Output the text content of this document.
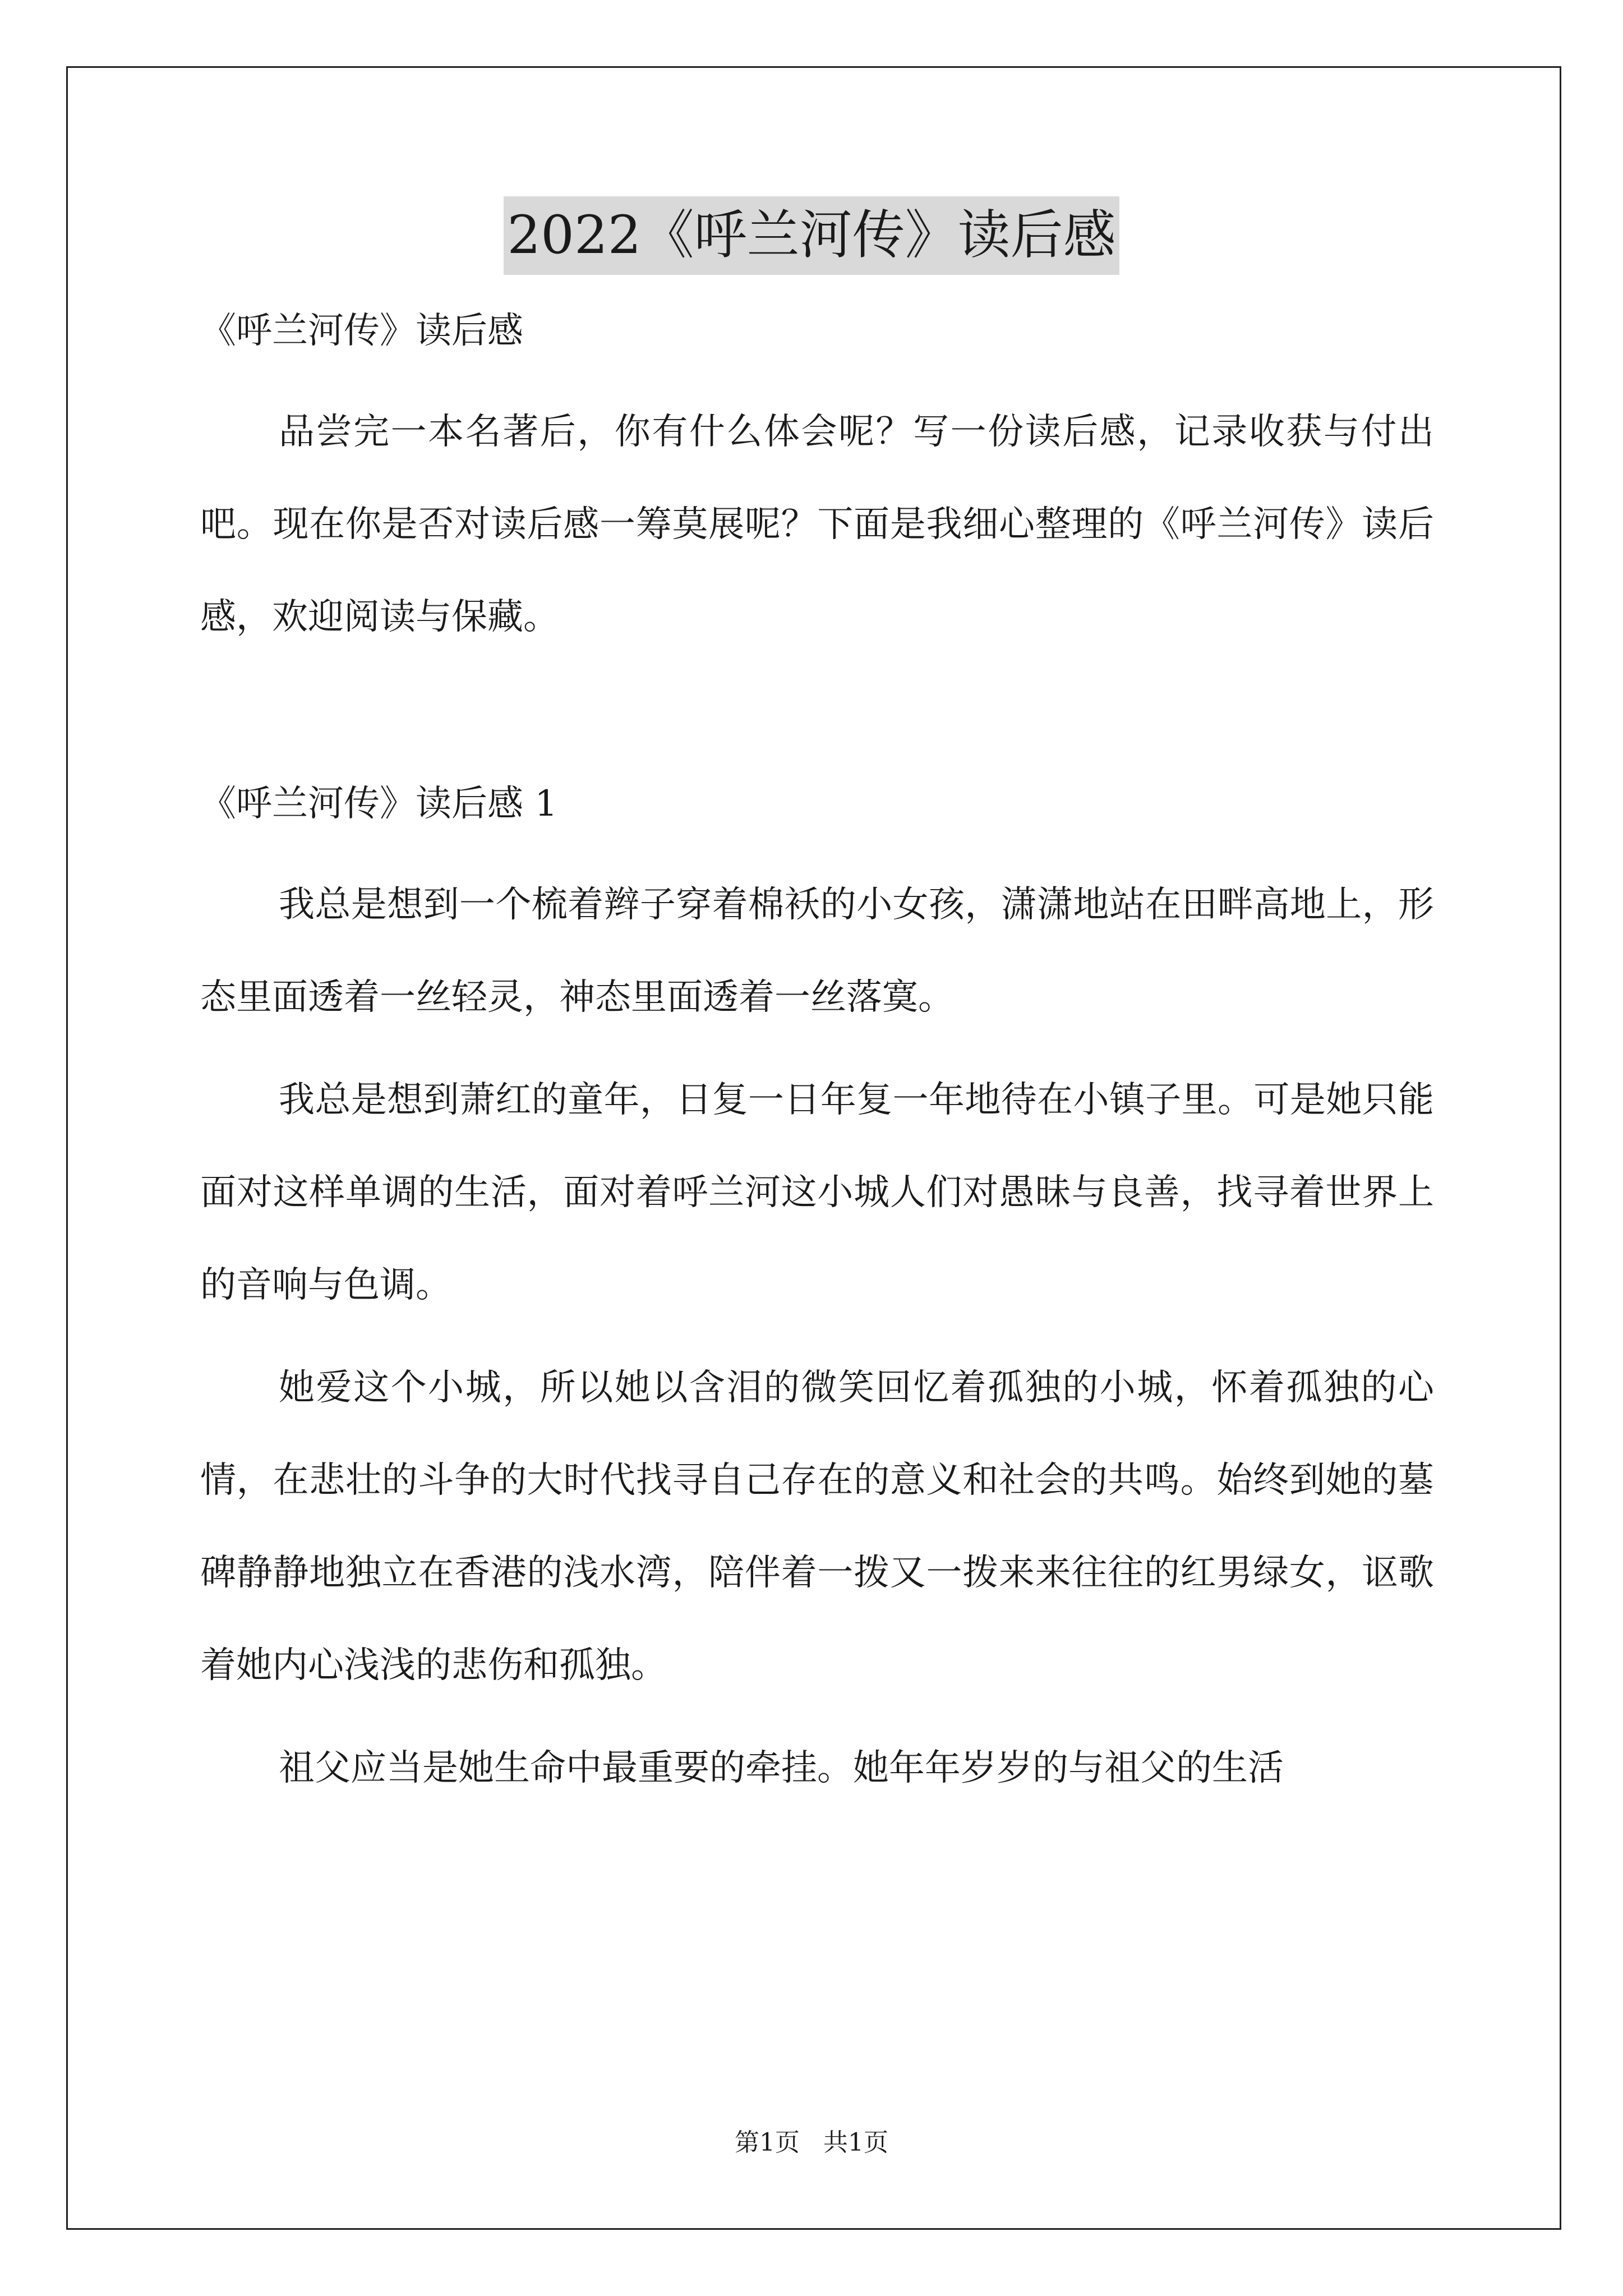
2022《呼兰河传》读后感

《呼兰河传》读后感

品尝完一本名著后，你有什么体会呢？写一份读后感，记录收获与付出吧。现在你是否对读后感一筹莫展呢？下面是我细心整理的《呼兰河传》读后感，欢迎阅读与保藏。

《呼兰河传》读后感 1

我总是想到一个梳着辫子穿着棉袄的小女孩，潇潇地站在田畔高地上，形态里面透着一丝轻灵，神态里面透着一丝落寞。

我总是想到萧红的童年，日复一日年复一年地待在小镇子里。可是她只能面对这样单调的生活，面对着呼兰河这小城人们对愚昧与良善，找寻着世界上的音响与色调。

她爱这个小城，所以她以含泪的微笑回忆着孤独的小城，怀着孤独的心情，在悲壮的斗争的大时代找寻自己存在的意义和社会的共鸣。始终到她的墓碑静静地独立在香港的浅水湾，陪伴着一拨又一拨来来往往的红男绿女，讴歌着她内心浅浅的悲伤和孤独。

祖父应当是她生命中最重要的牵挂。她年年岁岁的与祖父的生活

第1页   共1页
